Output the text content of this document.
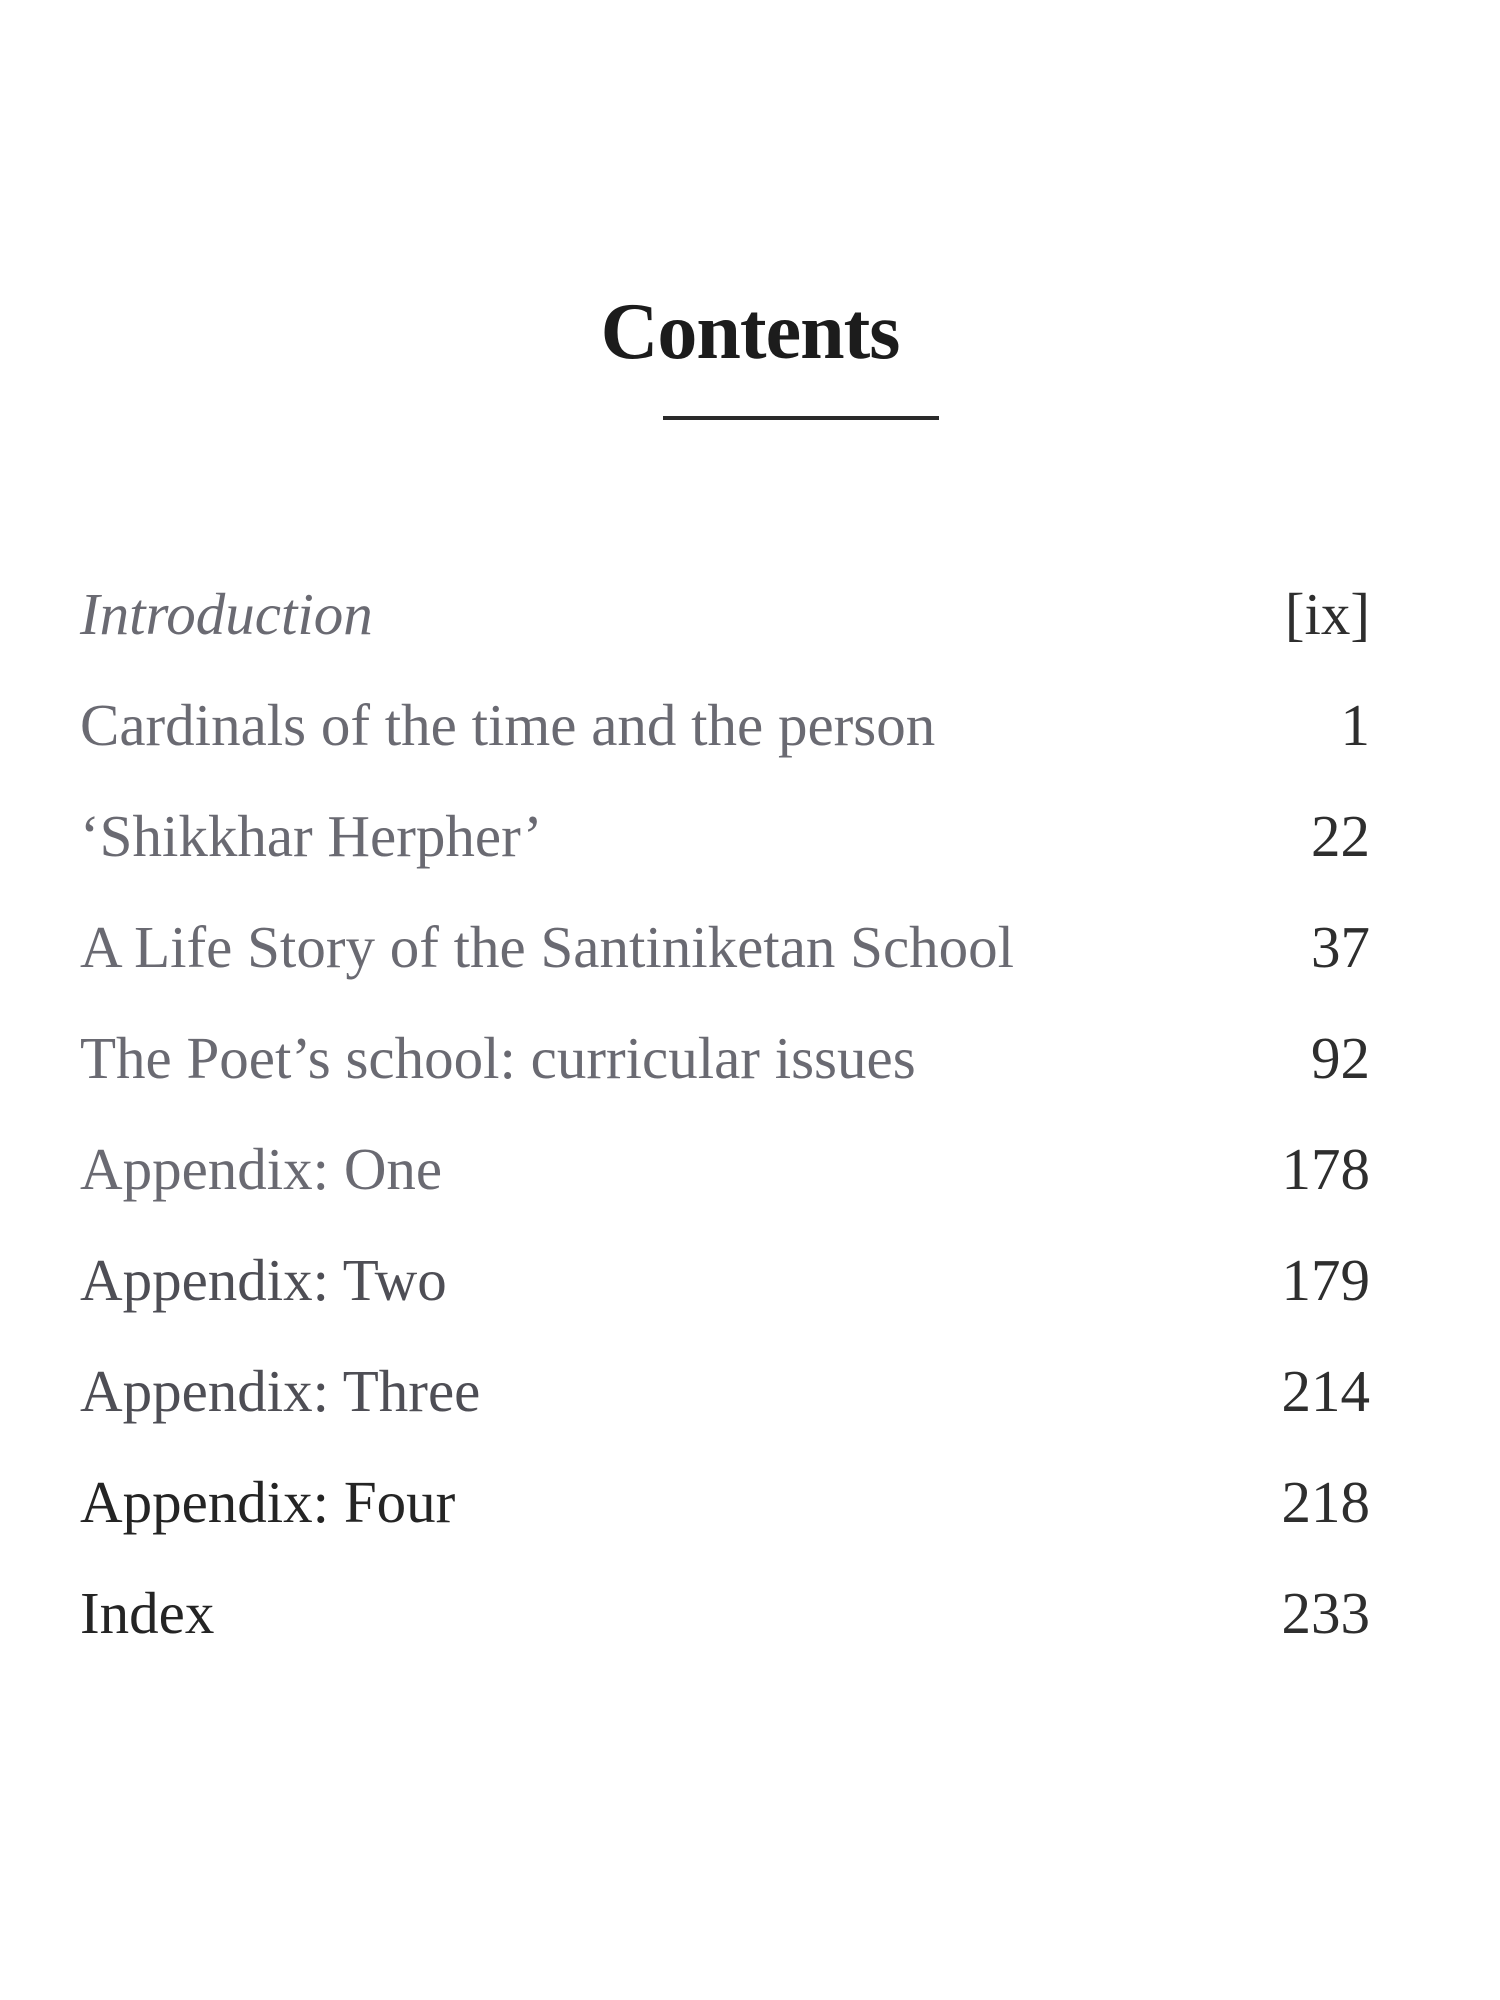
Contents
Introduction	[ix]
Cardinals of the time and the person	1
‘Shikkhar Herpher’	22
A Life Story of the Santiniketan School	37
The Poet’s school: curricular issues	92
Appendix: One	178
Appendix: Two	179
Appendix: Three	214
Appendix: Four	218
Index	233
